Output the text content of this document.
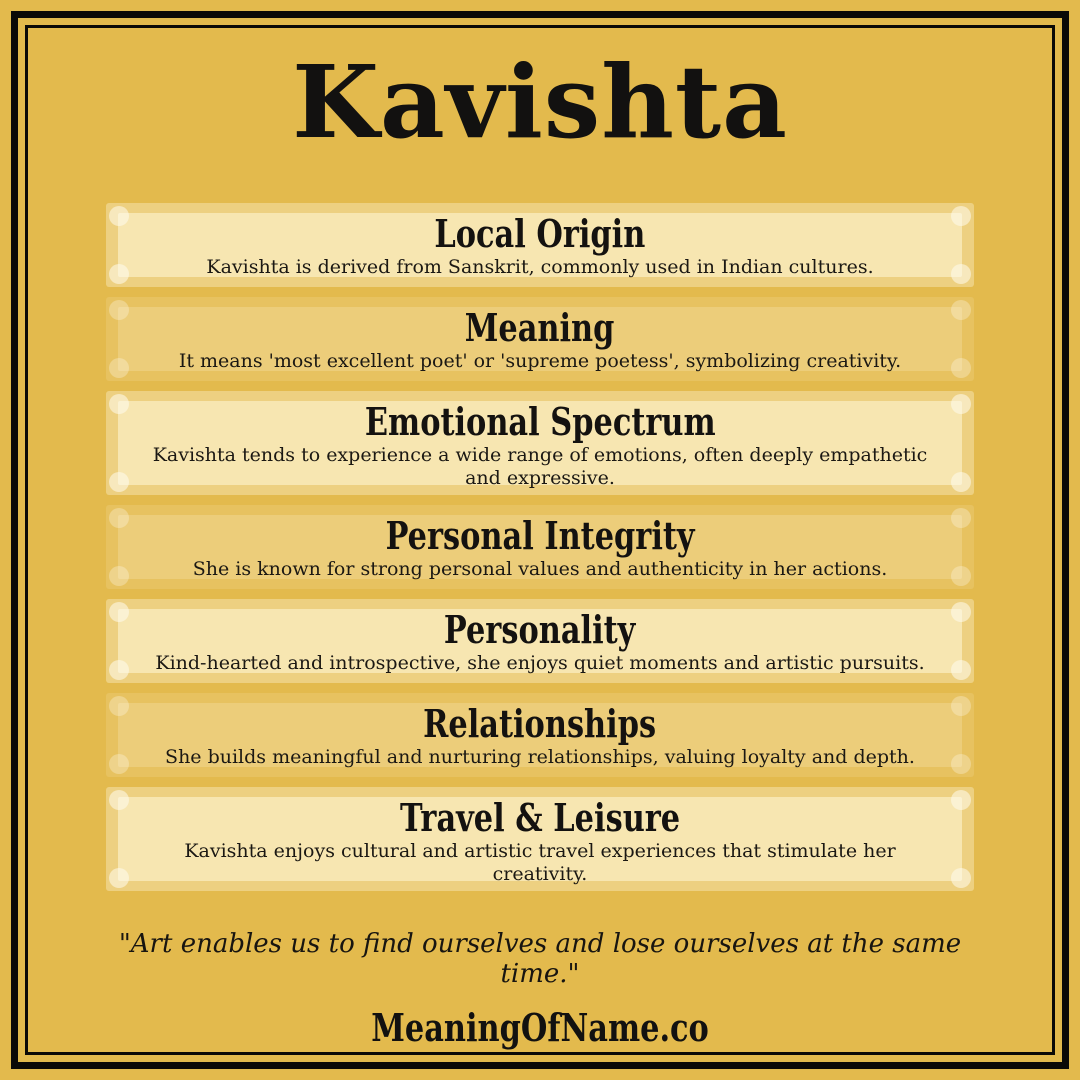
Kavishta
Local Origin

Kavishta is derived from Sanskrit, commonly used in Indian cultures.

Meaning

It means 'most excellent poet' or 'supreme poetess', symbolizing creativity.

Emotional Spectrum

Kavishta tends to experience a wide range of emotions, often deeply empathetic and expressive.

Personal Integrity

She is known for strong personal values and authenticity in her actions.

Personality

Kind-hearted and introspective, she enjoys quiet moments and artistic pursuits.

Relationships

She builds meaningful and nurturing relationships, valuing loyalty and depth.

Travel & Leisure

Kavishta enjoys cultural and artistic travel experiences that stimulate her creativity.

"Art enables us to find ourselves and lose ourselves at the same time."

MeaningOfName.co
